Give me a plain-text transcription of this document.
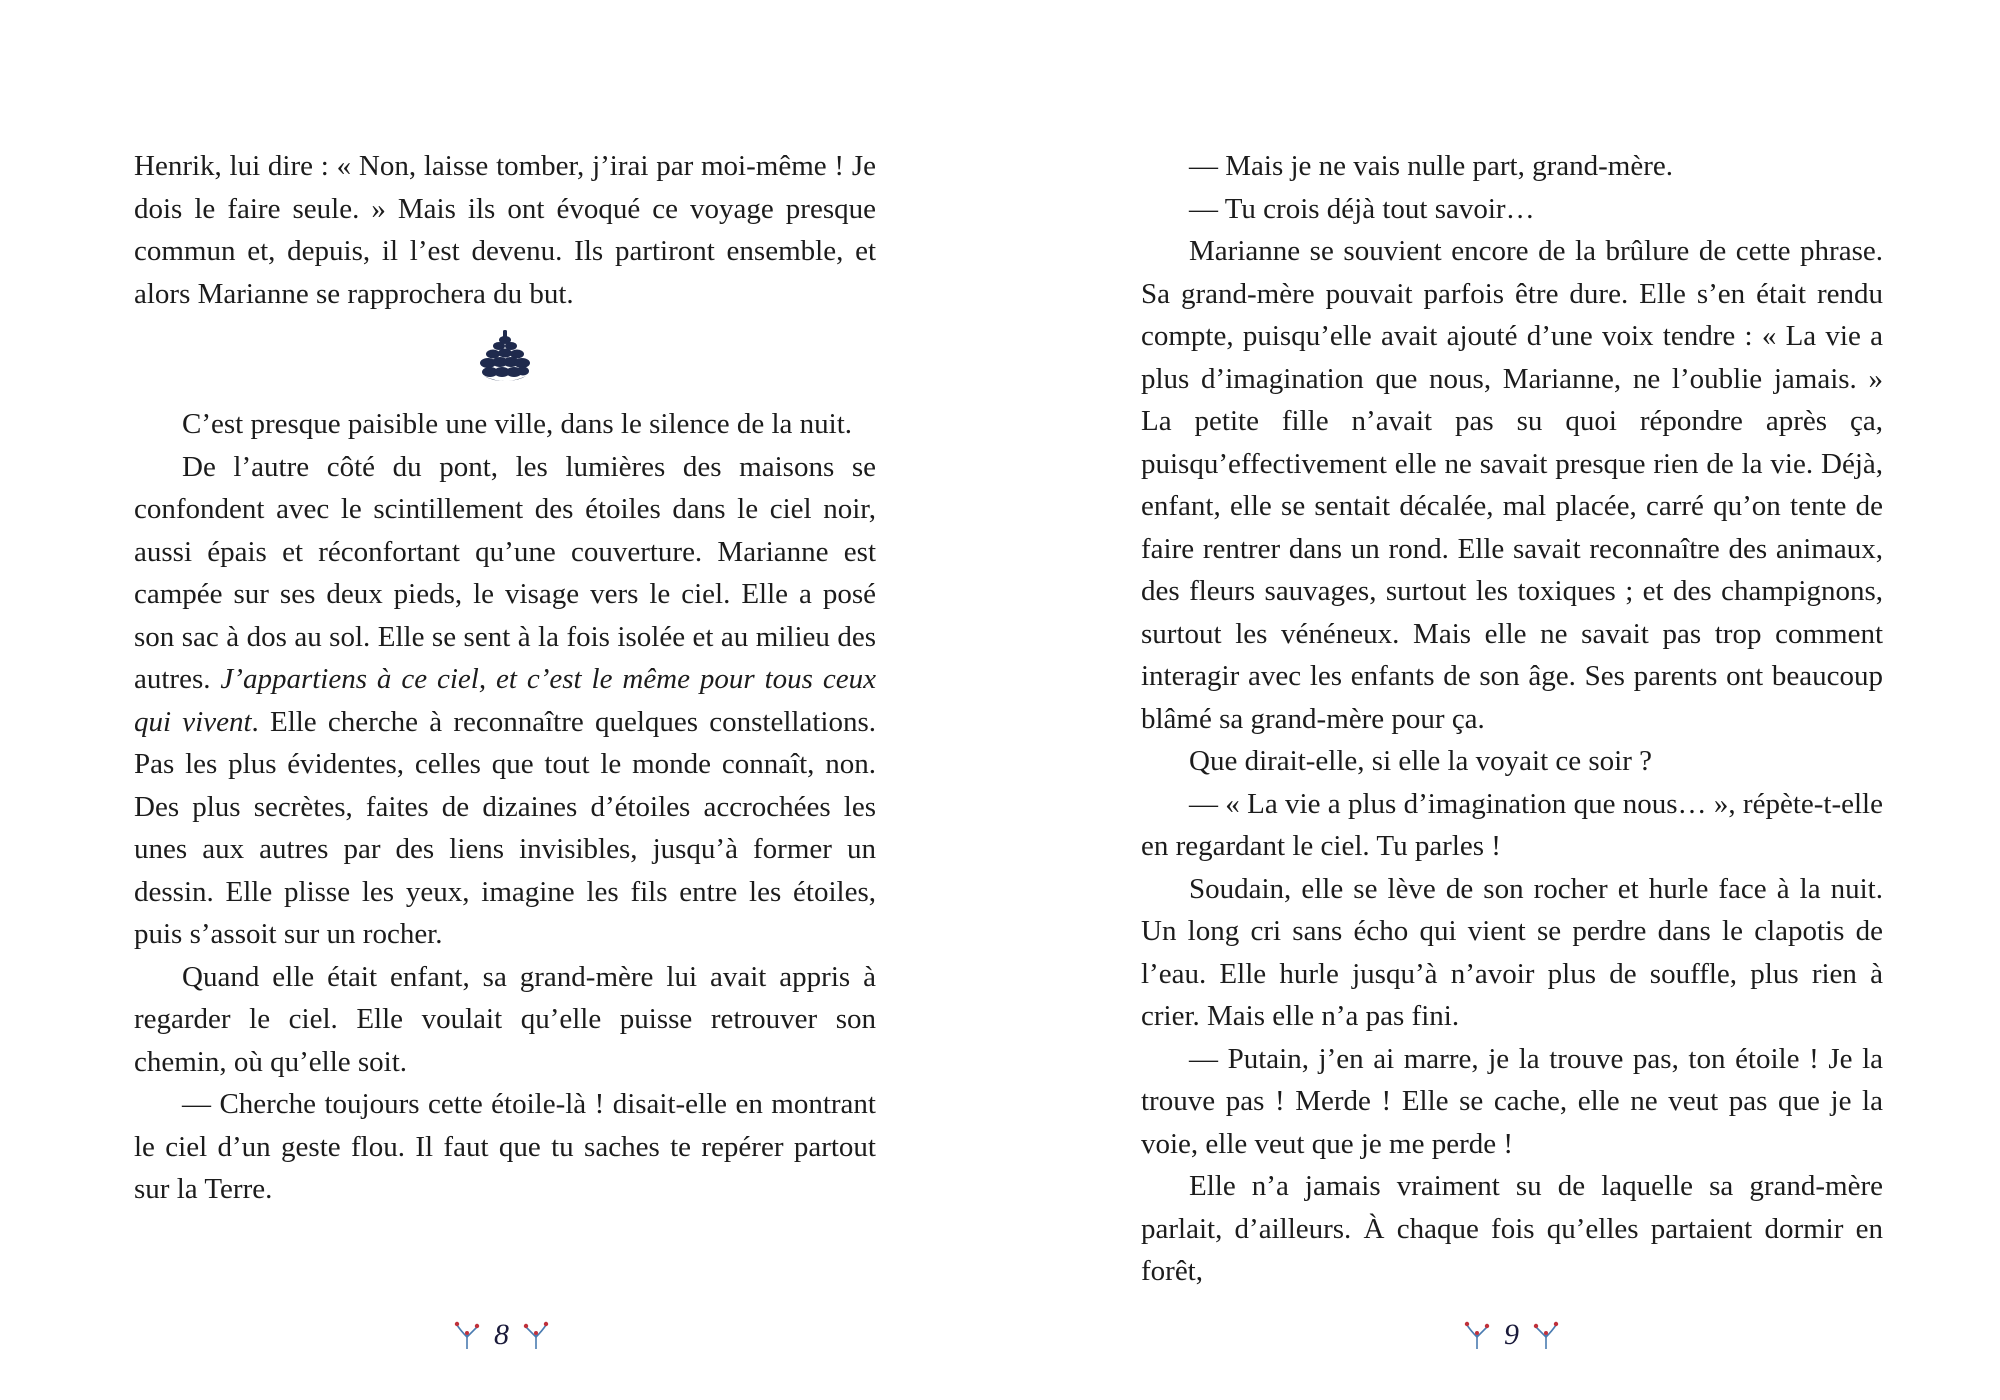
Henrik, lui dire : « Non, laisse tomber, j’irai par moi-même ! Je dois le faire seule. » Mais ils ont évoqué ce voyage presque commun et, depuis, il l’est devenu. Ils partiront ensemble, et alors Marianne se rapprochera du but.

C’est presque paisible une ville, dans le silence de la nuit.

De l’autre côté du pont, les lumières des maisons se confondent avec le scintillement des étoiles dans le ciel noir, aussi épais et réconfortant qu’une couverture. Marianne est campée sur ses deux pieds, le visage vers le ciel. Elle a posé son sac à dos au sol. Elle se sent à la fois isolée et au milieu des autres. J’appartiens à ce ciel, et c’est le même pour tous ceux qui vivent. Elle cherche à reconnaître quelques constellations. Pas les plus évidentes, celles que tout le monde connaît, non. Des plus secrètes, faites de dizaines d’étoiles accrochées les unes aux autres par des liens invisibles, jusqu’à former un dessin. Elle plisse les yeux, imagine les fils entre les étoiles, puis s’assoit sur un rocher.

Quand elle était enfant, sa grand-mère lui avait appris à regarder le ciel. Elle voulait qu’elle puisse retrouver son chemin, où qu’elle soit.

— Cherche toujours cette étoile-là ! disait-elle en montrant le ciel d’un geste flou. Il faut que tu saches te repérer partout sur la Terre.

8

— Mais je ne vais nulle part, grand-mère.

— Tu crois déjà tout savoir…

Marianne se souvient encore de la brûlure de cette phrase. Sa grand-mère pouvait parfois être dure. Elle s’en était rendu compte, puisqu’elle avait ajouté d’une voix tendre : « La vie a plus d’imagination que nous, Marianne, ne l’oublie jamais. » La petite fille n’avait pas su quoi répondre après ça, puisqu’effectivement elle ne savait presque rien de la vie. Déjà, enfant, elle se sentait décalée, mal placée, carré qu’on tente de faire rentrer dans un rond. Elle savait reconnaître des animaux, des fleurs sauvages, surtout les toxiques ; et des champignons, surtout les vénéneux. Mais elle ne savait pas trop comment interagir avec les enfants de son âge. Ses parents ont beaucoup blâmé sa grand-mère pour ça.

Que dirait-elle, si elle la voyait ce soir ?

— « La vie a plus d’imagination que nous… », répète-t-elle en regardant le ciel. Tu parles !

Soudain, elle se lève de son rocher et hurle face à la nuit. Un long cri sans écho qui vient se perdre dans le clapotis de l’eau. Elle hurle jusqu’à n’avoir plus de souffle, plus rien à crier. Mais elle n’a pas fini.

— Putain, j’en ai marre, je la trouve pas, ton étoile ! Je la trouve pas ! Merde ! Elle se cache, elle ne veut pas que je la voie, elle veut que je me perde !

Elle n’a jamais vraiment su de laquelle sa grand-mère parlait, d’ailleurs. À chaque fois qu’elles partaient dormir en forêt,

9
